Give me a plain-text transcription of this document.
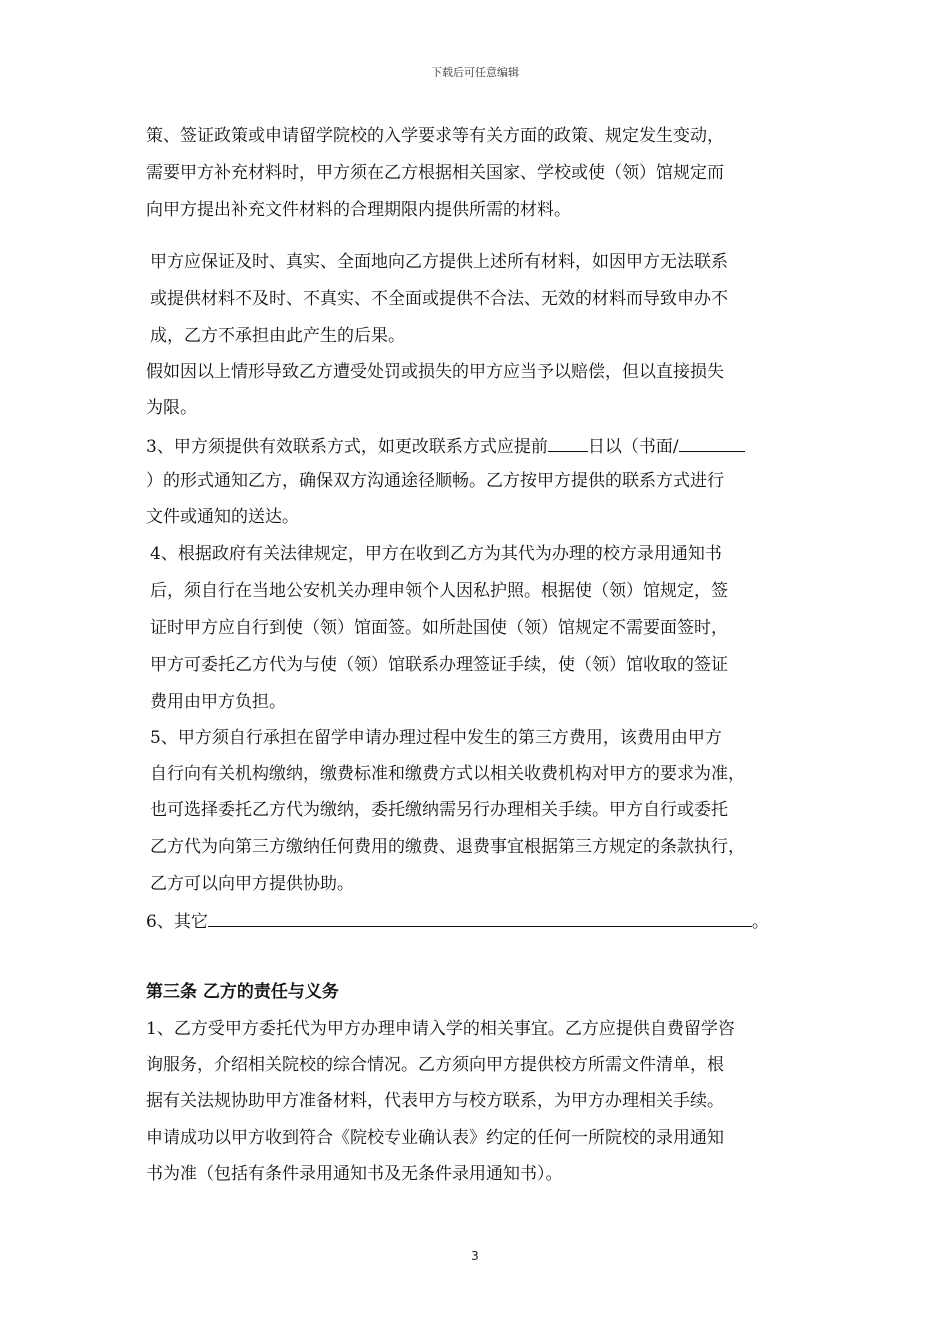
下载后可任意编辑
策、签证政策或申请留学院校的入学要求等有关方面的政策、规定发生变动，
需要甲方补充材料时，甲方须在乙方根据相关国家、学校或使（领）馆规定而
向甲方提出补充文件材料的合理期限内提供所需的材料。
甲方应保证及时、真实、全面地向乙方提供上述所有材料，如因甲方无法联系
或提供材料不及时、不真实、不全面或提供不合法、无效的材料而导致申办不
成，乙方不承担由此产生的后果。
假如因以上情形导致乙方遭受处罚或损失的甲方应当予以赔偿，但以直接损失
为限。
3、甲方须提供有效联系方式，如更改联系方式应提前 日以（书面/
）的形式通知乙方，确保双方沟通途径顺畅。乙方按甲方提供的联系方式进行
文件或通知的送达。
4、根据政府有关法律规定，甲方在收到乙方为其代为办理的校方录用通知书
后，须自行在当地公安机关办理申领个人因私护照。根据使（领）馆规定，签
证时甲方应自行到使（领）馆面签。如所赴国使（领）馆规定不需要面签时，
甲方可委托乙方代为与使（领）馆联系办理签证手续，使（领）馆收取的签证
费用由甲方负担。
5、甲方须自行承担在留学申请办理过程中发生的第三方费用，该费用由甲方
自行向有关机构缴纳，缴费标准和缴费方式以相关收费机构对甲方的要求为准，
也可选择委托乙方代为缴纳，委托缴纳需另行办理相关手续。甲方自行或委托
乙方代为向第三方缴纳任何费用的缴费、退费事宜根据第三方规定的条款执行，
乙方可以向甲方提供协助。
6、其它	。
第三条 乙方的责任与义务
1、乙方受甲方委托代为甲方办理申请入学的相关事宜。乙方应提供自费留学咨
询服务，介绍相关院校的综合情况。乙方须向甲方提供校方所需文件清单，根
据有关法规协助甲方准备材料，代表甲方与校方联系，为甲方办理相关手续。
申请成功以甲方收到符合《院校专业确认表》约定的任何一所院校的录用通知
书为准（包括有条件录用通知书及无条件录用通知书）。
3
